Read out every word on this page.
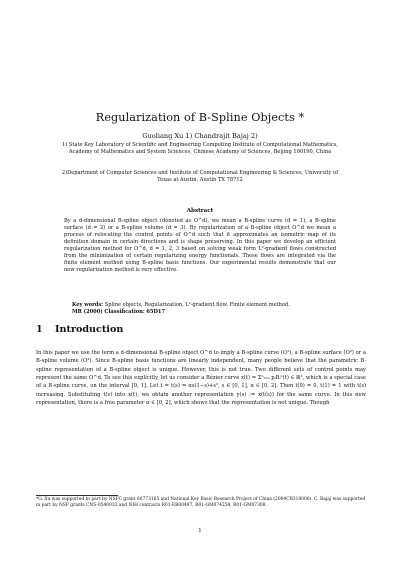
Regularization of B-Spline Objects *
Guoliang Xu 1) Chandrajit Bajaj 2)
1) State Key Laboratory of Scientific and Engineering Computing Institute of Computational Mathematics, Academy of Mathematics and System Sciences, Chinese Academy of Sciences, Beijing 100190, China
2)Department of Computer Sciences and Institute of Computational Engineering & Sciences, University of Texas at Austin, Austin TX 78712
Abstract
By a d-dimensional B-spline object (denoted as O^d), we mean a B-spline curve (d = 1), a B-spline surface (d = 2) or a B-spline volume (d = 3). By regularization of a B-spline object O^d we mean a process of relocating the control points of O^d such that it approximates an isometric map of its definition domain in certain directions and is shape preserving. In this paper we develop an efficient regularization method for O^d, d = 1, 2, 3 based on solving weak form L²-gradient flows constructed from the minimization of certain regularizing energy functionals. These flows are integrated via the finite element method using B-spline basis functions. Our experimental results demonstrate that our new regularization method is very effective.
Key words: Spline objects, Regularization, L²-gradient flow, Finite element method.
MR (2000) Classification: 65D17
1 Introduction
In this paper we use the term a d-dimensional B-spline object O^d to imply a B-spline curve (O¹), a B-spline surface (O²) or a B-spline volume (O³). Since B-spline basis functions are linearly independent, many people believe that the parametric B-spline representation of a B-spline object is unique. However, this is not true. Two different sets of control points may represent the same O^d. To see this explicitly, let us consider a Bézier curve x(t) = Σⁿᵢ₌₀ pᵢBᵢⁿ(t) ∈ ℝ², which is a special case of a B-spline curve, on the interval [0, 1]. Let t = t(s) = αs(1−s)+s², s ∈ [0, 1], α ∈ [0, 2]. Then t(0) = 0, t(1) = 1 with t(s) increasing. Substituting t(s) into x(t), we obtain another representation y(s) := x(t(s)) for the same curve. In this new representation, there is a free parameter α ∈ [0, 2], which shows that the representation is not unique. Though
*G. Xu was supported in part by NSFC grant 60773165 and National Key Basic Research Project of China (2004CB318000). C. Bajaj was supported in part by NSF grants CNS-0540033 and NIH contracts R01-EB00487, R01-GM074258, R01-GM07308.
1
